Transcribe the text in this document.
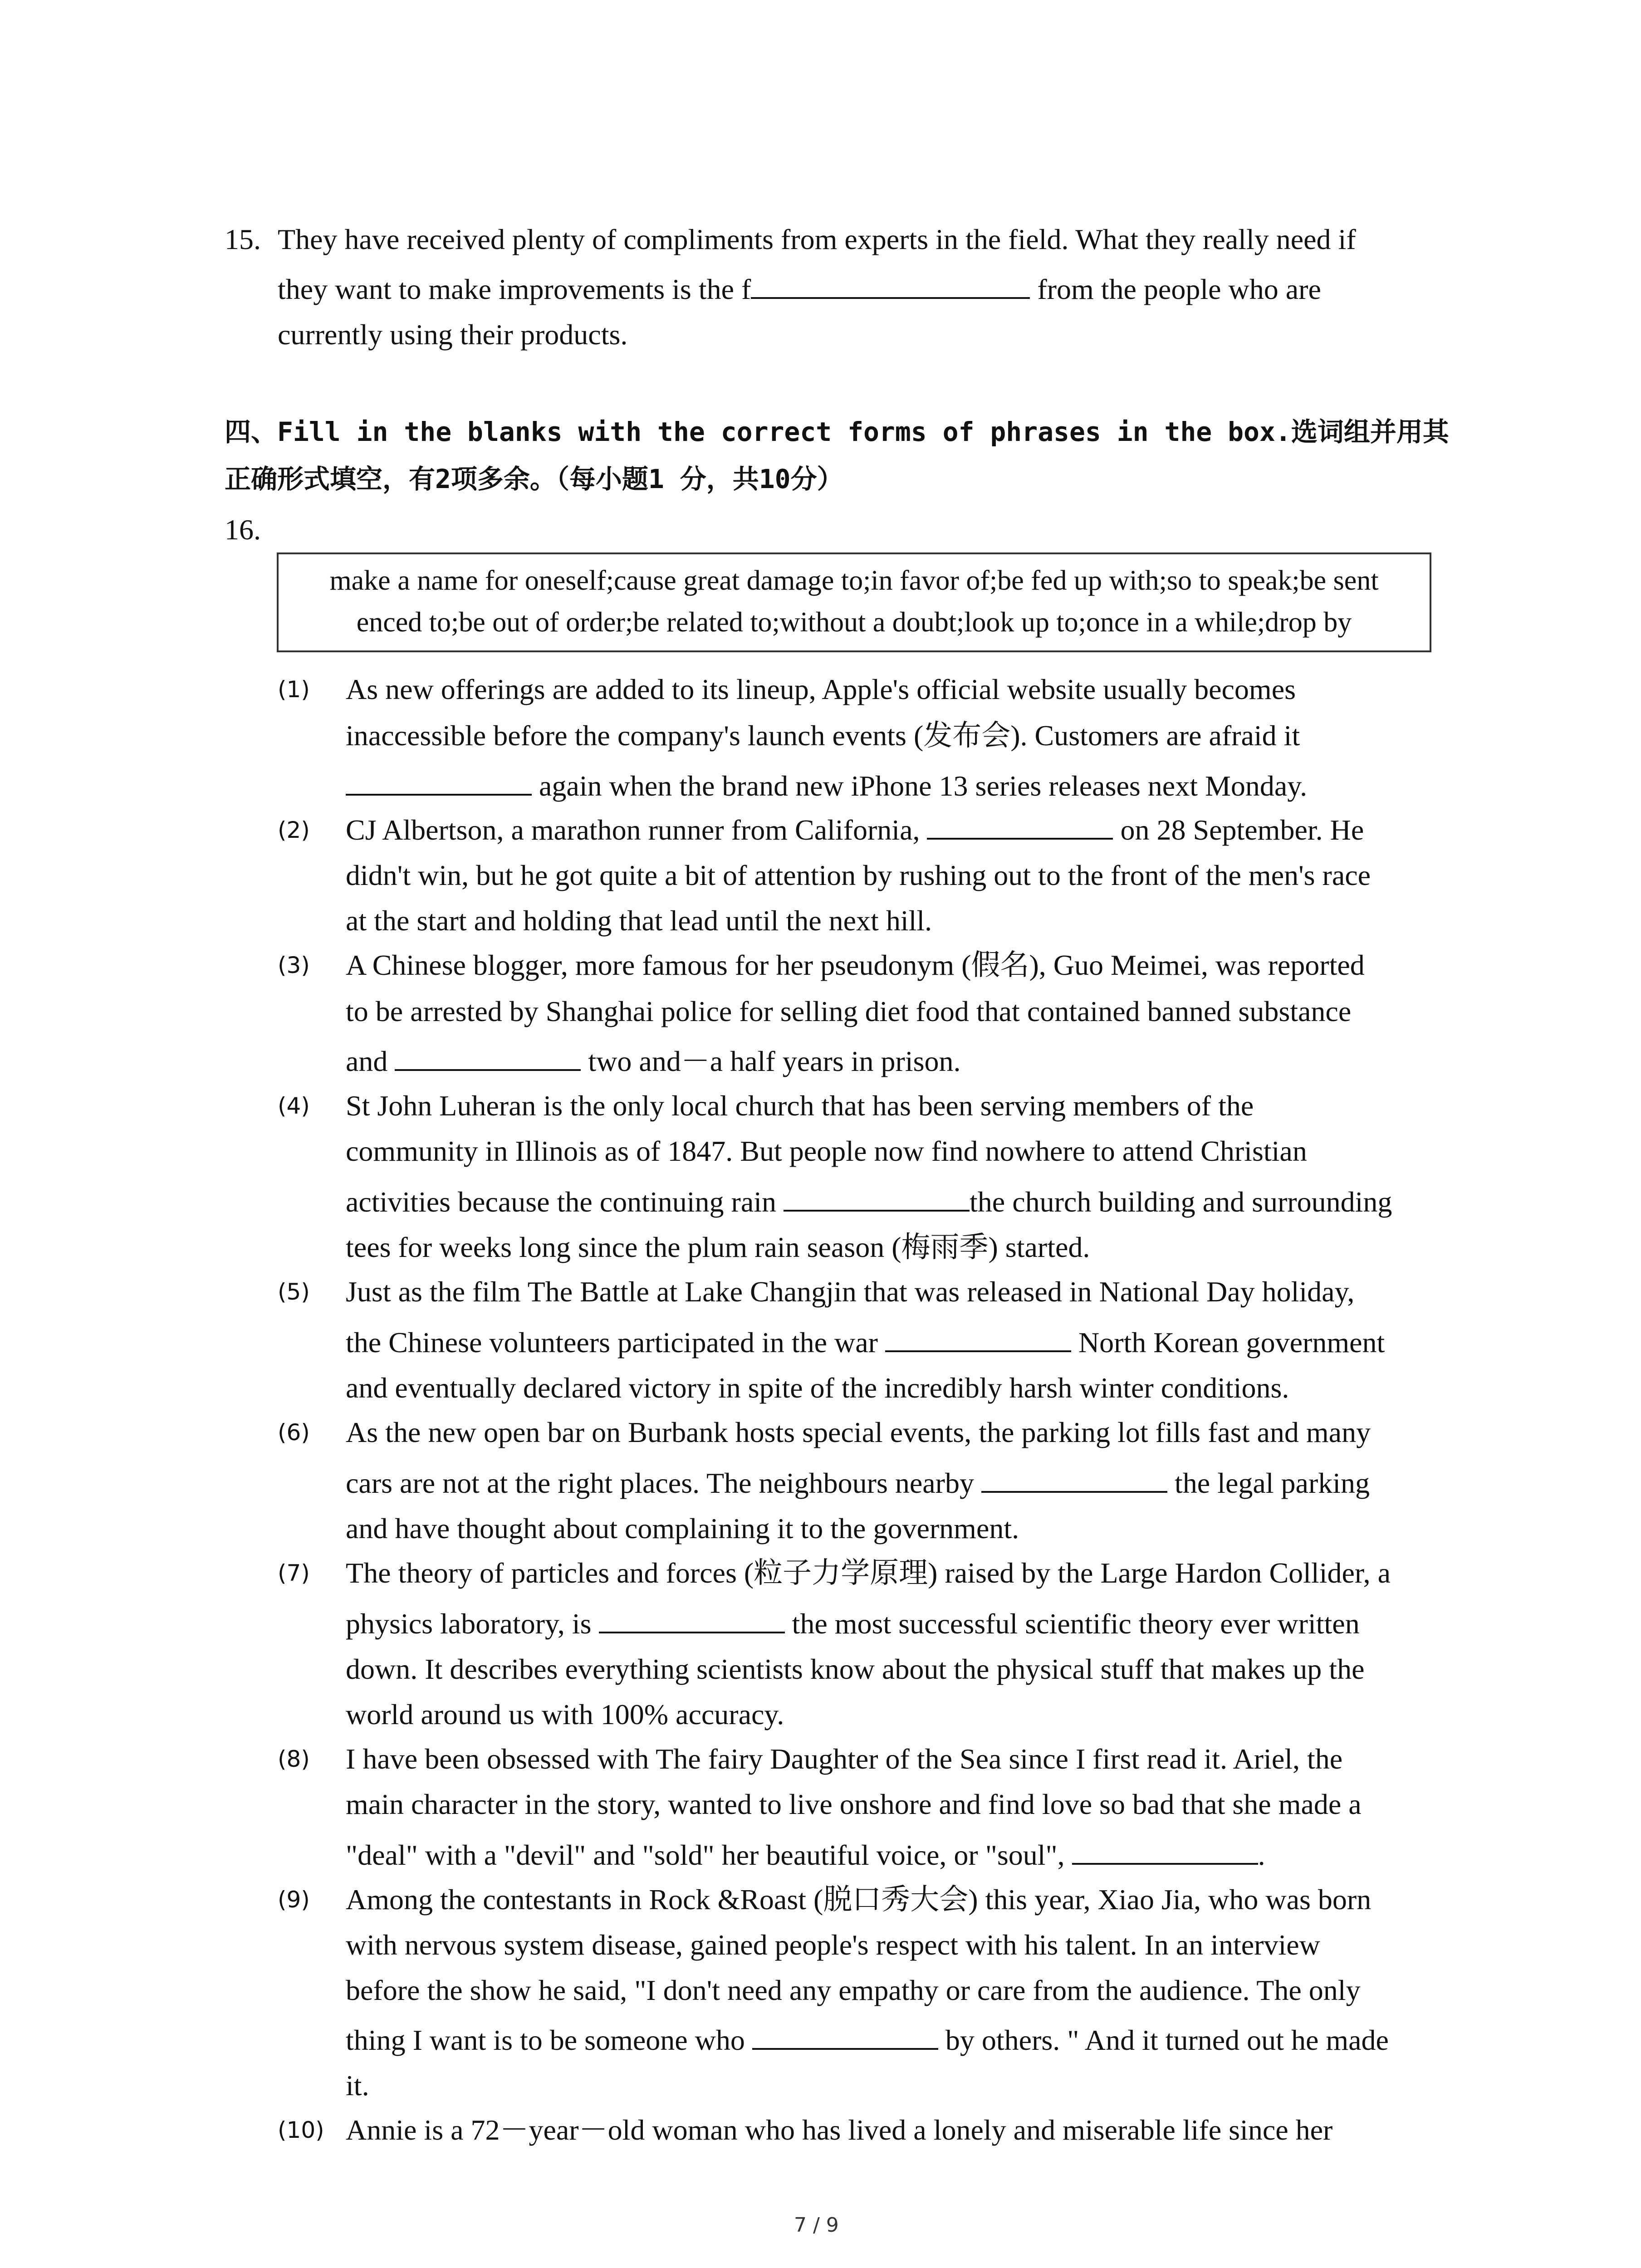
15. They have received plenty of compliments from experts in the field. What they really need if
they want to make improvements is the f	from the people who are
currently using their products.
四、Fill in the blanks with the correct forms of phrases in the box.选词组并用其
正确形式填空，有2项多余。（每小题1 分，共10分）
16.
make a name for oneself;cause great damage to;in favor of;be fed up with;so to speak;be sent
enced to;be out of order;be related to;without a doubt;look up to;once in a while;drop by
(1) As new offerings are added to its lineup, Apple's official website usually becomes
inaccessible before the company's launch events (发布会). Customers are afraid it
again when the brand new iPhone 13 series releases next Monday.
(2) CJ Albertson, a marathon runner from California,	on 28 September. He
didn't win, but he got quite a bit of attention by rushing out to the front of the men's race
at the start and holding that lead until the next hill.
(3) A Chinese blogger, more famous for her pseudonym (假名), Guo Meimei, was reported
to be arrested by Shanghai police for selling diet food that contained banned substance
and	two and－a half years in prison.
(4) St John Luheran is the only local church that has been serving members of the
community in Illinois as of 1847. But people now find nowhere to attend Christian
activities because the continuing rain	the church building and surrounding
tees for weeks long since the plum rain season (梅雨季) started.
(5) Just as the film The Battle at Lake Changjin that was released in National Day holiday,
the Chinese volunteers participated in the war	North Korean government
and eventually declared victory in spite of the incredibly harsh winter conditions.
(6) As the new open bar on Burbank hosts special events, the parking lot fills fast and many
cars are not at the right places. The neighbours nearby	the legal parking
and have thought about complaining it to the government.
(7) The theory of particles and forces (粒子力学原理) raised by the Large Hardon Collider, a
physics laboratory, is	the most successful scientific theory ever written
down. It describes everything scientists know about the physical stuff that makes up the
world around us with 100% accuracy.
(8) I have been obsessed with The fairy Daughter of the Sea since I first read it. Ariel, the
main character in the story, wanted to live onshore and find love so bad that she made a
"deal" with a "devil" and "sold" her beautiful voice, or "soul",	.
(9) Among the contestants in Rock &Roast (脱口秀大会) this year, Xiao Jia, who was born
with nervous system disease, gained people's respect with his talent. In an interview
before the show he said, "I don't need any empathy or care from the audience. The only
thing I want is to be someone who	by others. " And it turned out he made
it.
(10) Annie is a 72－year－old woman who has lived a lonely and miserable life since her
7 / 9
